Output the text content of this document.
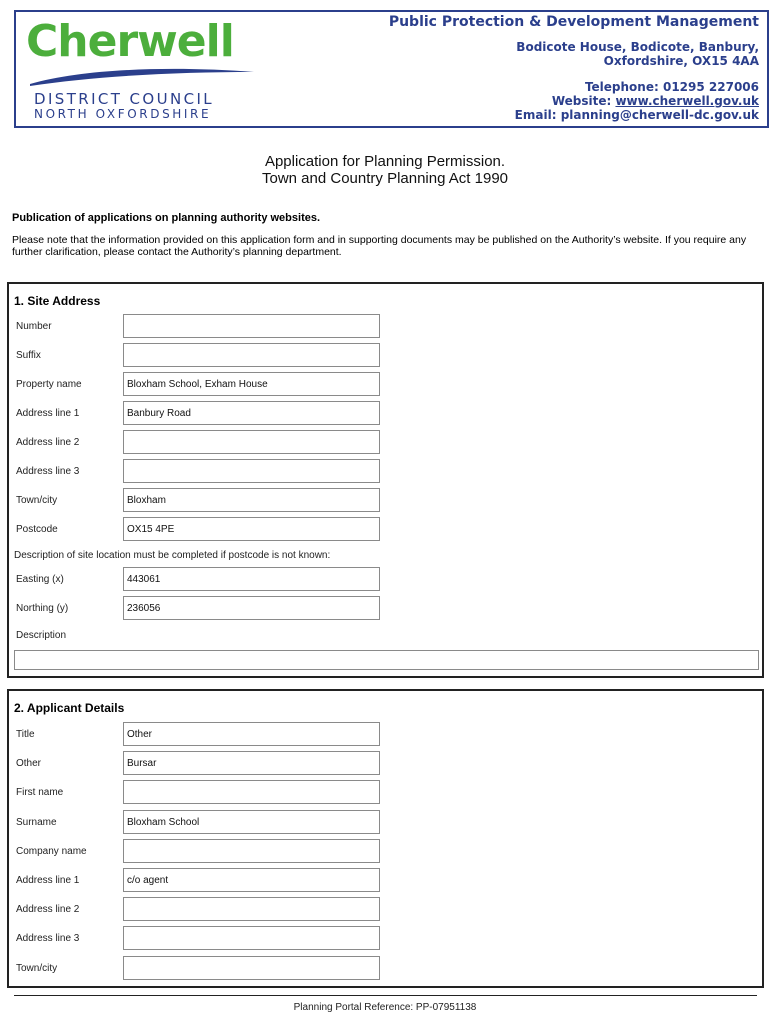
Cherwell
DISTRICT COUNCIL
NORTH OXFORDSHIRE
Public Protection & Development Management
Bodicote House, Bodicote, Banbury,
Oxfordshire, OX15 4AA
Telephone: 01295 227006
Website: www.cherwell.gov.uk
Email: planning@cherwell-dc.gov.uk
Application for Planning Permission.
Town and Country Planning Act 1990
Publication of applications on planning authority websites.
Please note that the information provided on this application form and in supporting documents may be published on the Authority’s website. If you require any further clarification, please contact the Authority’s planning department.
1. Site Address
Number
Suffix
Property name	Bloxham School, Exham House
Address line 1	Banbury Road
Address line 2
Address line 3
Town/city	Bloxham
Postcode	OX15 4PE
Description of site location must be completed if postcode is not known:
Easting (x)	443061
Northing (y)	236056
Description
2. Applicant Details
Title	Other
Other	Bursar
First name
Surname	Bloxham School
Company name
Address line 1	c/o agent
Address line 2
Address line 3
Town/city
Planning Portal Reference: PP-07951138
